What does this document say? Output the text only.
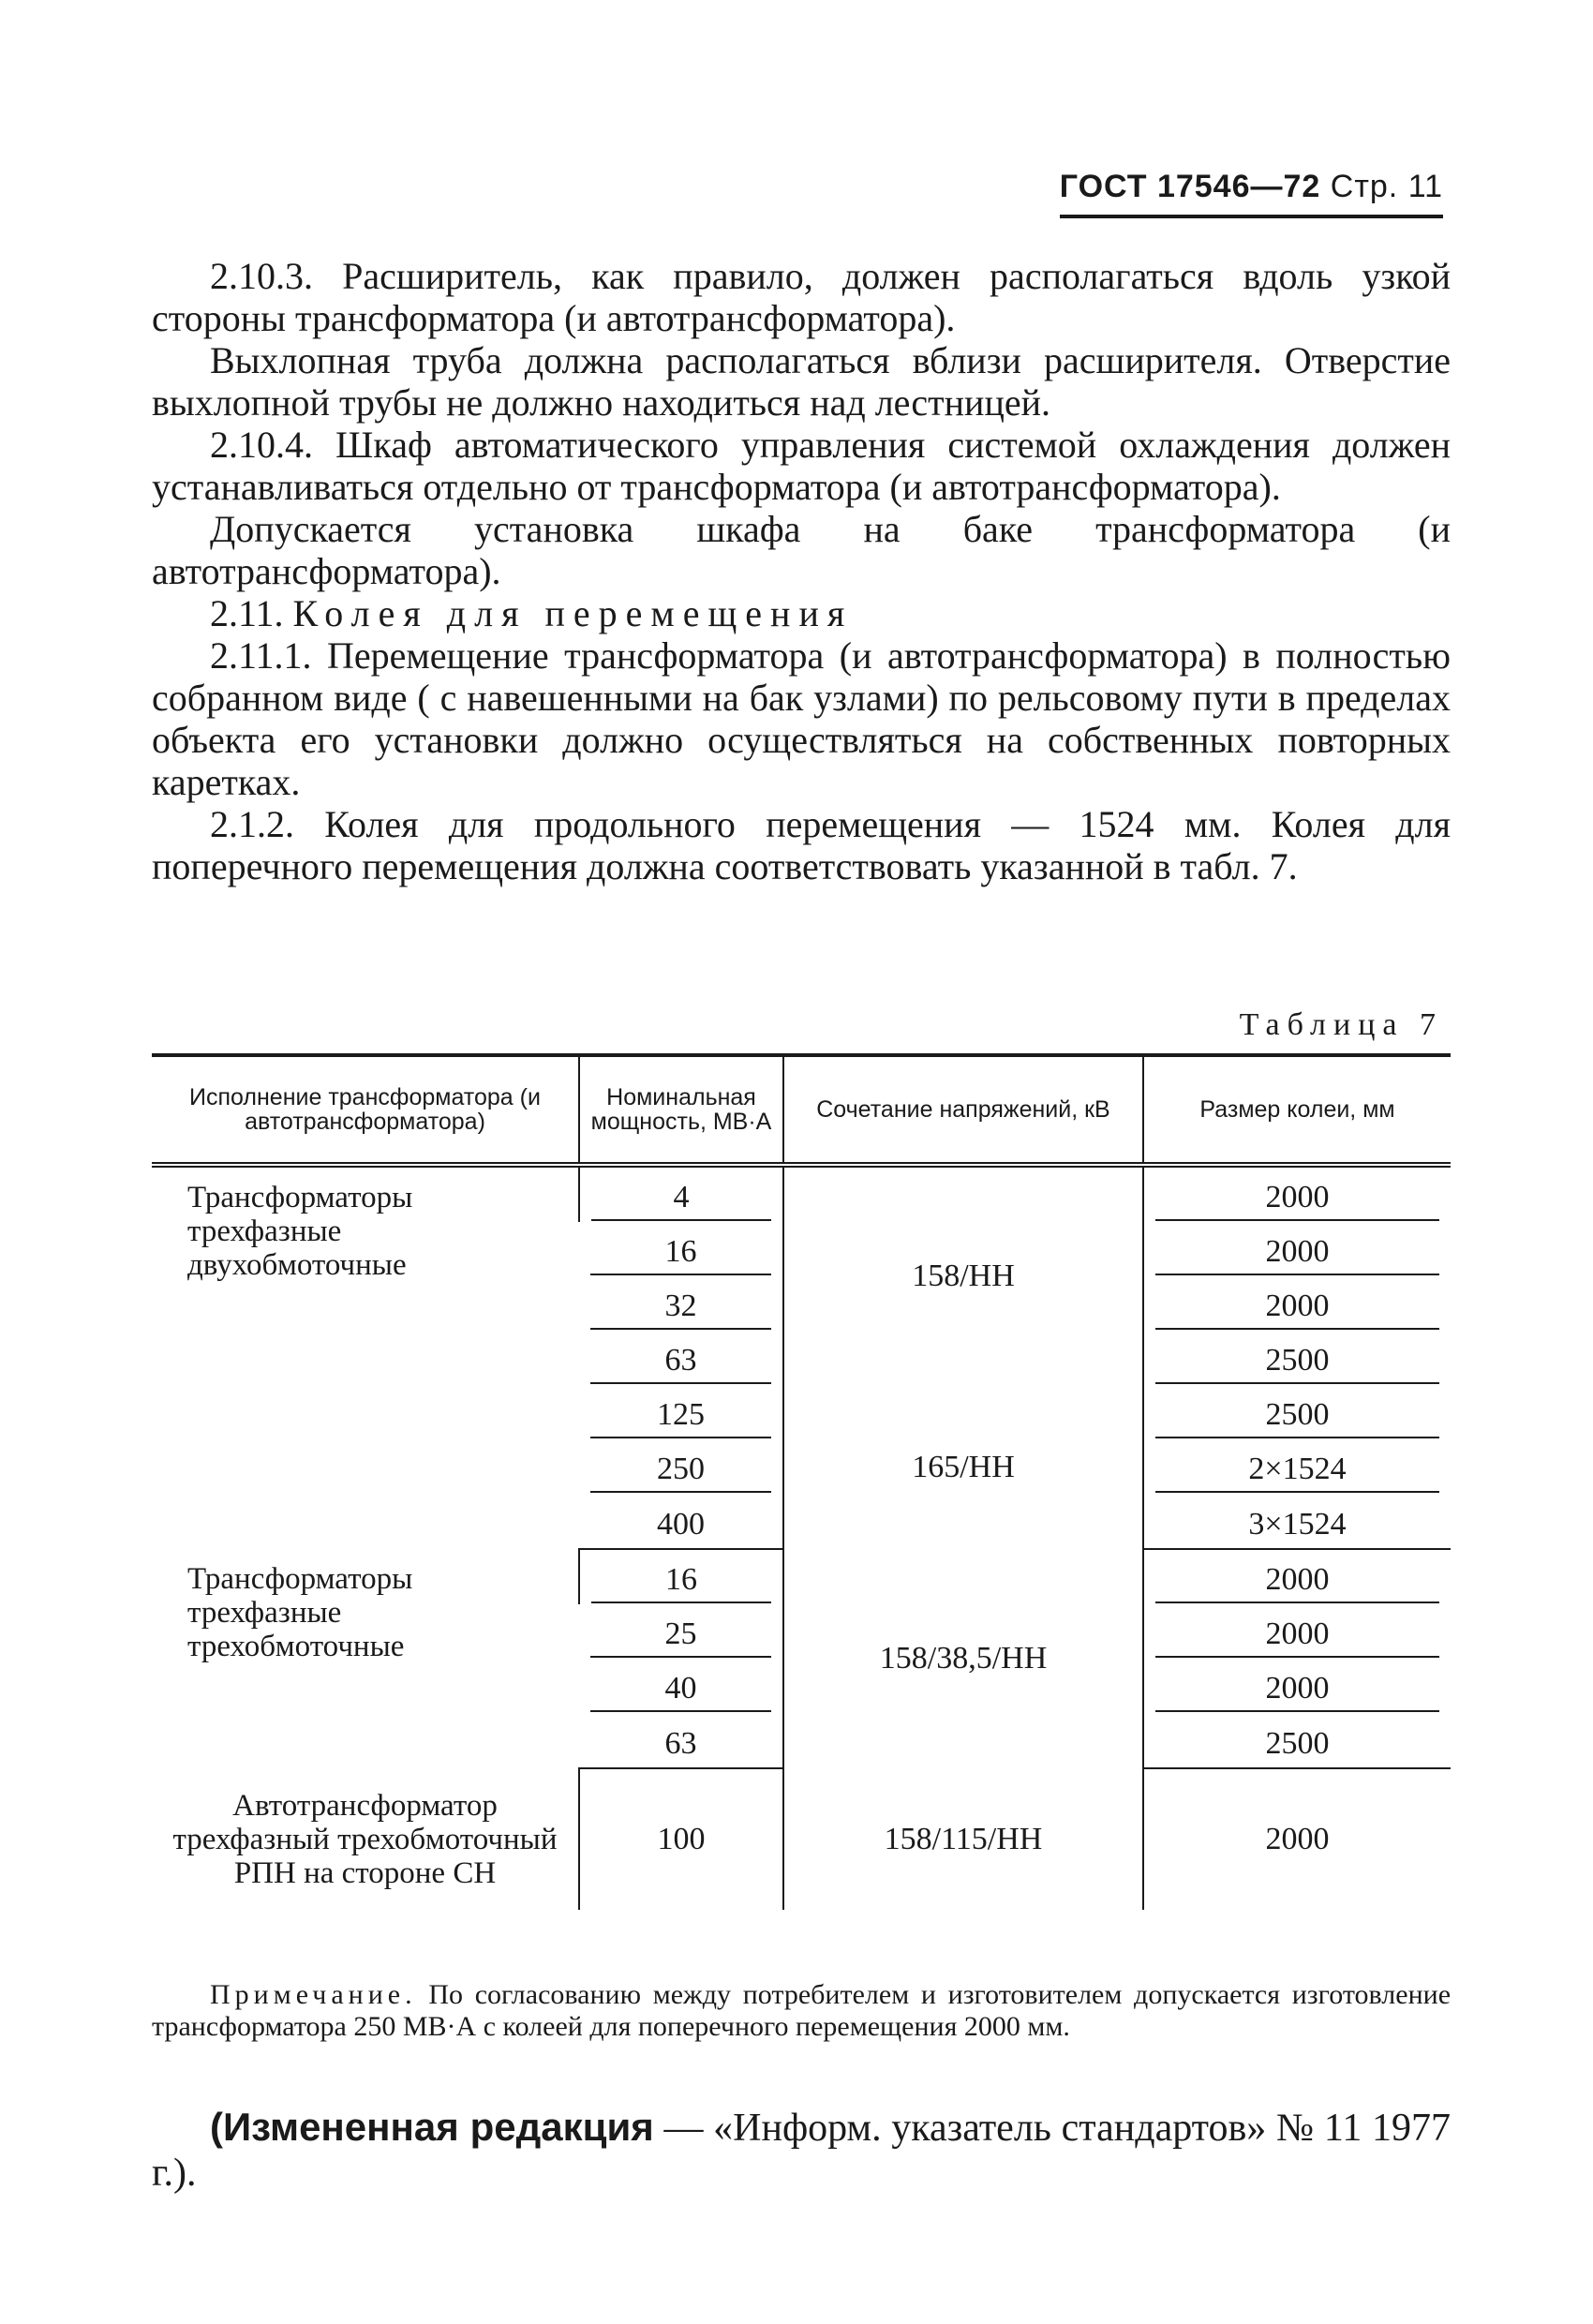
ГОСТ 17546—72 Стр. 11

2.10.3. Расширитель, как правило, должен располагаться вдоль узкой стороны трансформатора (и автотрансформатора).

Выхлопная труба должна располагаться вблизи расширителя. Отверстие выхлопной трубы не должно находиться над лестницей.

2.10.4. Шкаф автоматического управления системой охлаждения должен устанавливаться отдельно от трансформатора (и автотрансформатора).

Допускается установка шкафа на баке трансформатора (и автотрансформатора).

2.11. Колея для перемещения

2.11.1. Перемещение трансформатора (и автотрансформатора) в полностью собранном виде ( с навешенными на бак узлами) по рельсовому пути в пределах объекта его установки должно осуществляться на собственных повторных каретках.

2.1.2. Колея для продольного перемещения — 1524 мм. Колея для поперечного перемещения должна соответствовать указанной в табл. 7.

Таблица 7
Исполнение трансформатора (и автотрансформатора)	Номинальная мощность, МВ·А	Сочетание напряжений, кВ	Размер колеи, мм
Трансформаторы трехфазные двухобмоточные	4	158/НН	2000

	16		2000

	32		2000

	63		2500

	125	165/НН	2500

	250		2×1524

	400		3×1524

Трансформаторы трехфазные трехобмоточные	16	158/38,5/НН	2000

	25		2000

	40		2000

	63		2500

Автотрансформатор трехфазный трехобмоточный РПН на стороне СН	100	158/115/НН	2000
Примечание. По согласованию между потребителем и изготовителем допускается изготовление трансформатора 250 МВ·А с колеей для поперечного перемещения 2000 мм.
(Измененная редакция — «Информ. указатель стандартов» № 11 1977 г.).
